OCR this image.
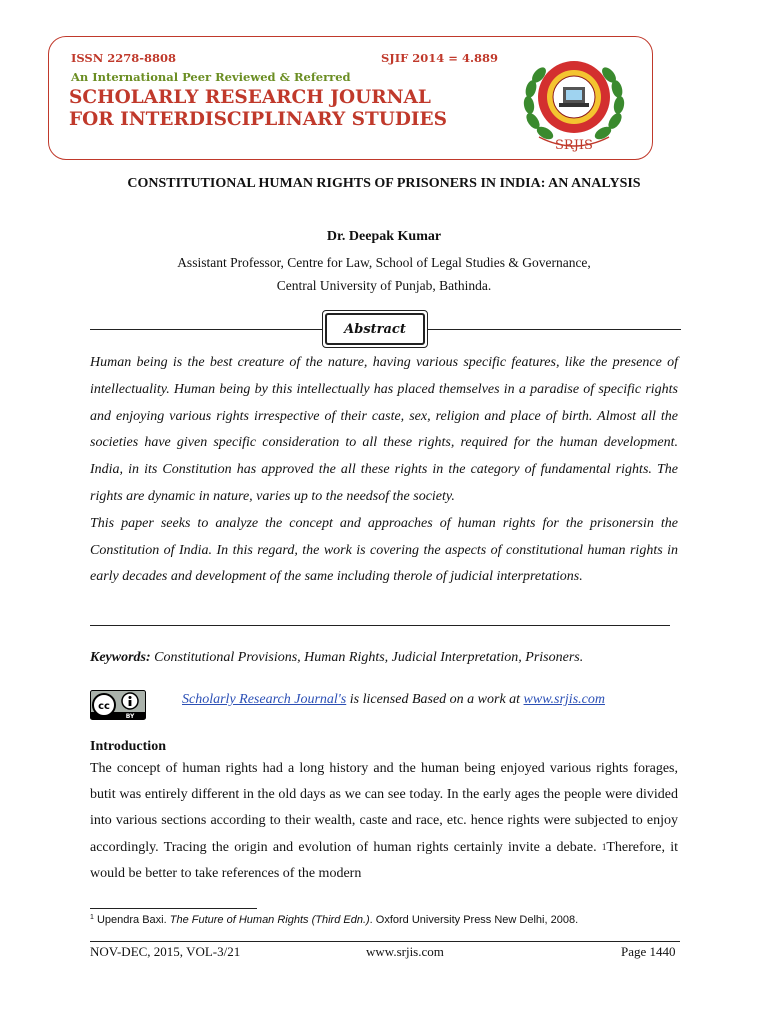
ISSN 2278-8808	SJIF 2014 = 4.889
An International Peer Reviewed & Referred
SCHOLARLY RESEARCH JOURNAL
FOR INTERDISCIPLINARY STUDIES
SRJIS
CONSTITUTIONAL HUMAN RIGHTS OF PRISONERS IN INDIA: AN ANALYSIS
Dr. Deepak Kumar
Assistant Professor, Centre for Law, School of Legal Studies & Governance,
Central University of Punjab, Bathinda.
Abstract

Human being is the best creature of the nature, having various specific features, like the presence of intellectuality. Human being by this intellectually has placed themselves in a paradise of specific rights and enjoying various rights irrespective of their caste, sex, religion and place of birth. Almost all the societies have given specific consideration to all these rights, required for the human development. India, in its Constitution has approved the all these rights in the category of fundamental rights. The rights are dynamic in nature, varies up to the needsof the society.

This paper seeks to analyze the concept and approaches of human rights for the prisonersin the Constitution of India. In this regard, the work is covering the aspects of constitutional human rights in early decades and development of the same including therole of judicial interpretations.

Keywords: Constitutional Provisions, Human Rights, Judicial Interpretation, Prisoners.
cc
BY
Scholarly Research Journal's is licensed Based on a work at www.srjis.com
Introduction
The concept of human rights had a long history and the human being enjoyed various rights forages, butit was entirely different in the old days as we can see today. In the early ages the people were divided into various sections according to their wealth, caste and race, etc. hence rights were subjected to enjoy accordingly. Tracing the origin and evolution of human rights certainly invite a debate. $^1$Therefore, it would be better to take references of the modern
$^1$ Upendra Baxi. The Future of Human Rights (Third Edn.). Oxford University Press New Delhi, 2008.
NOV-DEC, 2015, VOL-3/21	www.srjis.com	Page 1440
